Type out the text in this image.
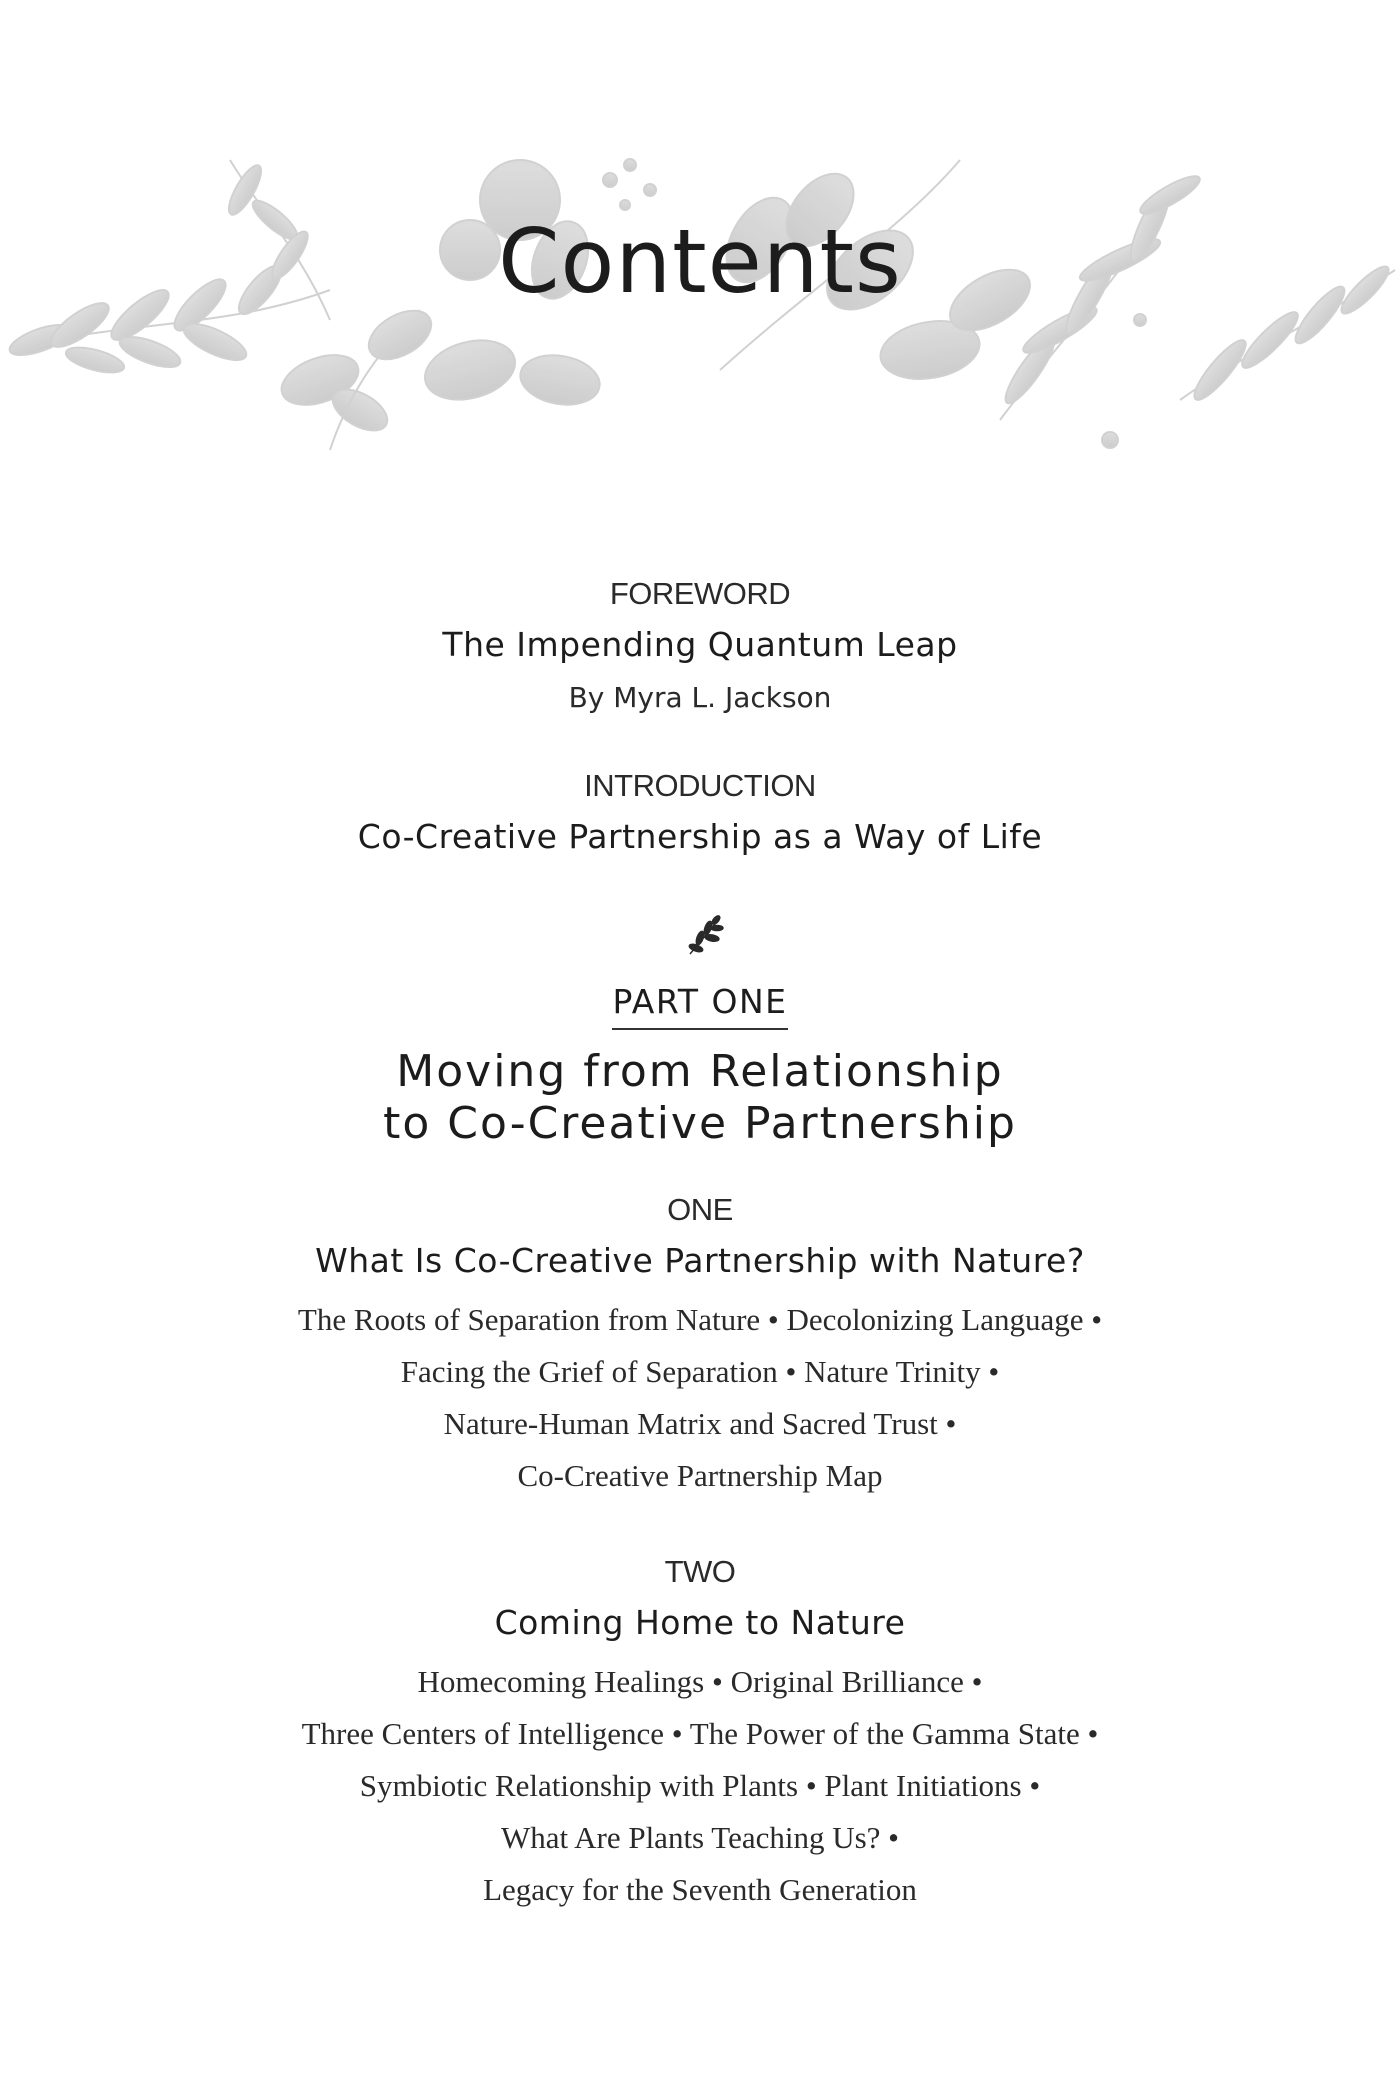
Contents
FOREWORD
The Impending Quantum Leap
By Myra L. Jackson
INTRODUCTION
Co-Creative Partnership as a Way of Life
PART ONE
Moving from Relationship
to Co-Creative Partnership
ONE
What Is Co-Creative Partnership with Nature?
The Roots of Separation from Nature • Decolonizing Language •
Facing the Grief of Separation • Nature Trinity •
Nature-Human Matrix and Sacred Trust •
Co-Creative Partnership Map
TWO
Coming Home to Nature
Homecoming Healings • Original Brilliance •
Three Centers of Intelligence • The Power of the Gamma State •
Symbiotic Relationship with Plants • Plant Initiations •
What Are Plants Teaching Us? •
Legacy for the Seventh Generation
